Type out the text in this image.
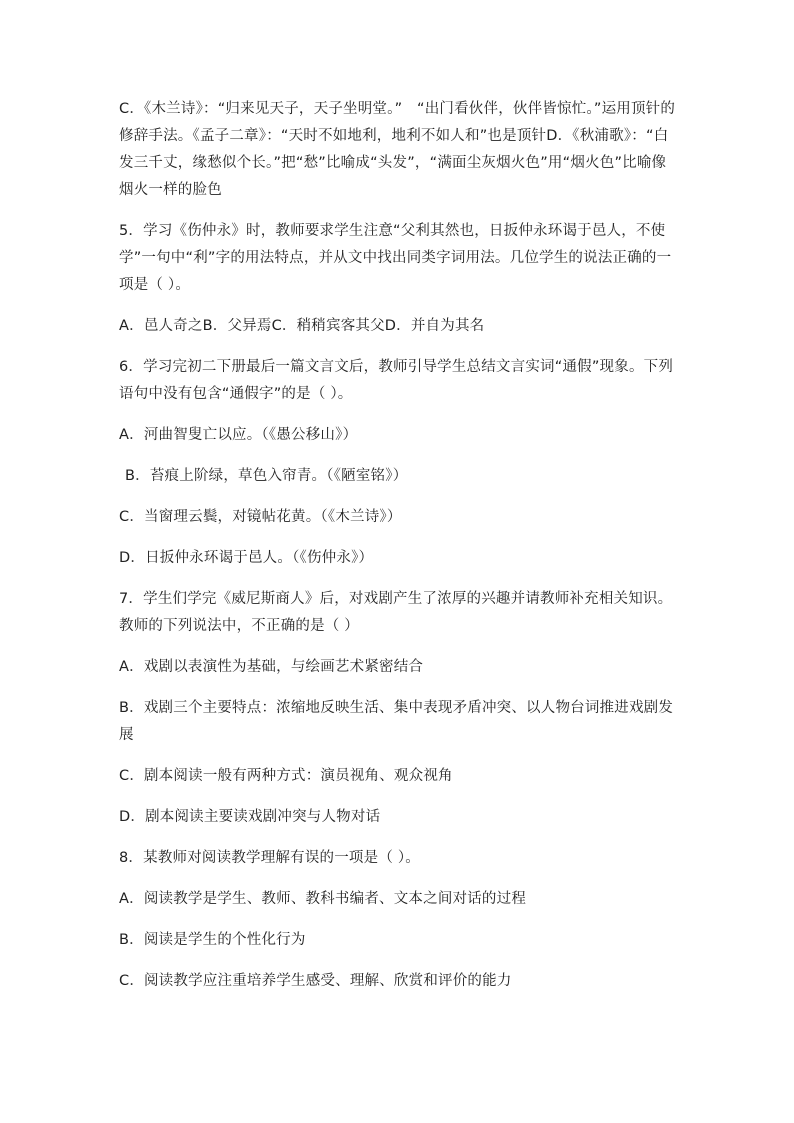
C．《木兰诗》：“归来见天子，天子坐明堂。”　“出门看伙伴，伙伴皆惊忙。”运用顶针的修辞手法。《孟子二章》：“天时不如地利，地利不如人和”也是顶针D．《秋浦歌》：“白发三千丈，缘愁似个长。”把“愁”比喻成“头发”，“满面尘灰烟火色”用“烟火色”比喻像烟火一样的脸色

5．学习《伤仲永》时，教师要求学生注意“父利其然也，日扳仲永环谒于邑人，不使学”一句中“利”字的用法特点，并从文中找出同类字词用法。几位学生的说法正确的一项是（ ）。

A．邑人奇之B．父异焉C．稍稍宾客其父D．并自为其名

6．学习完初二下册最后一篇文言文后，教师引导学生总结文言实词“通假”现象。下列语句中没有包含“通假字”的是（ ）。

A．河曲智叟亡以应。（《愚公移山》）

B．苔痕上阶绿，草色入帘青。（《陋室铭》）

C．当窗理云鬓，对镜帖花黄。（《木兰诗》）

D．日扳仲永环谒于邑人。（《伤仲永》）

7．学生们学完《威尼斯商人》后，对戏剧产生了浓厚的兴趣并请教师补充相关知识。教师的下列说法中，不正确的是（ ）

A．戏剧以表演性为基础，与绘画艺术紧密结合

B．戏剧三个主要特点：浓缩地反映生活、集中表现矛盾冲突、以人物台词推进戏剧发展

C．剧本阅读一般有两种方式：演员视角、观众视角

D．剧本阅读主要读戏剧冲突与人物对话

8．某教师对阅读教学理解有误的一项是（ ）。

A．阅读教学是学生、教师、教科书编者、文本之间对话的过程

B．阅读是学生的个性化行为

C．阅读教学应注重培养学生感受、理解、欣赏和评价的能力
